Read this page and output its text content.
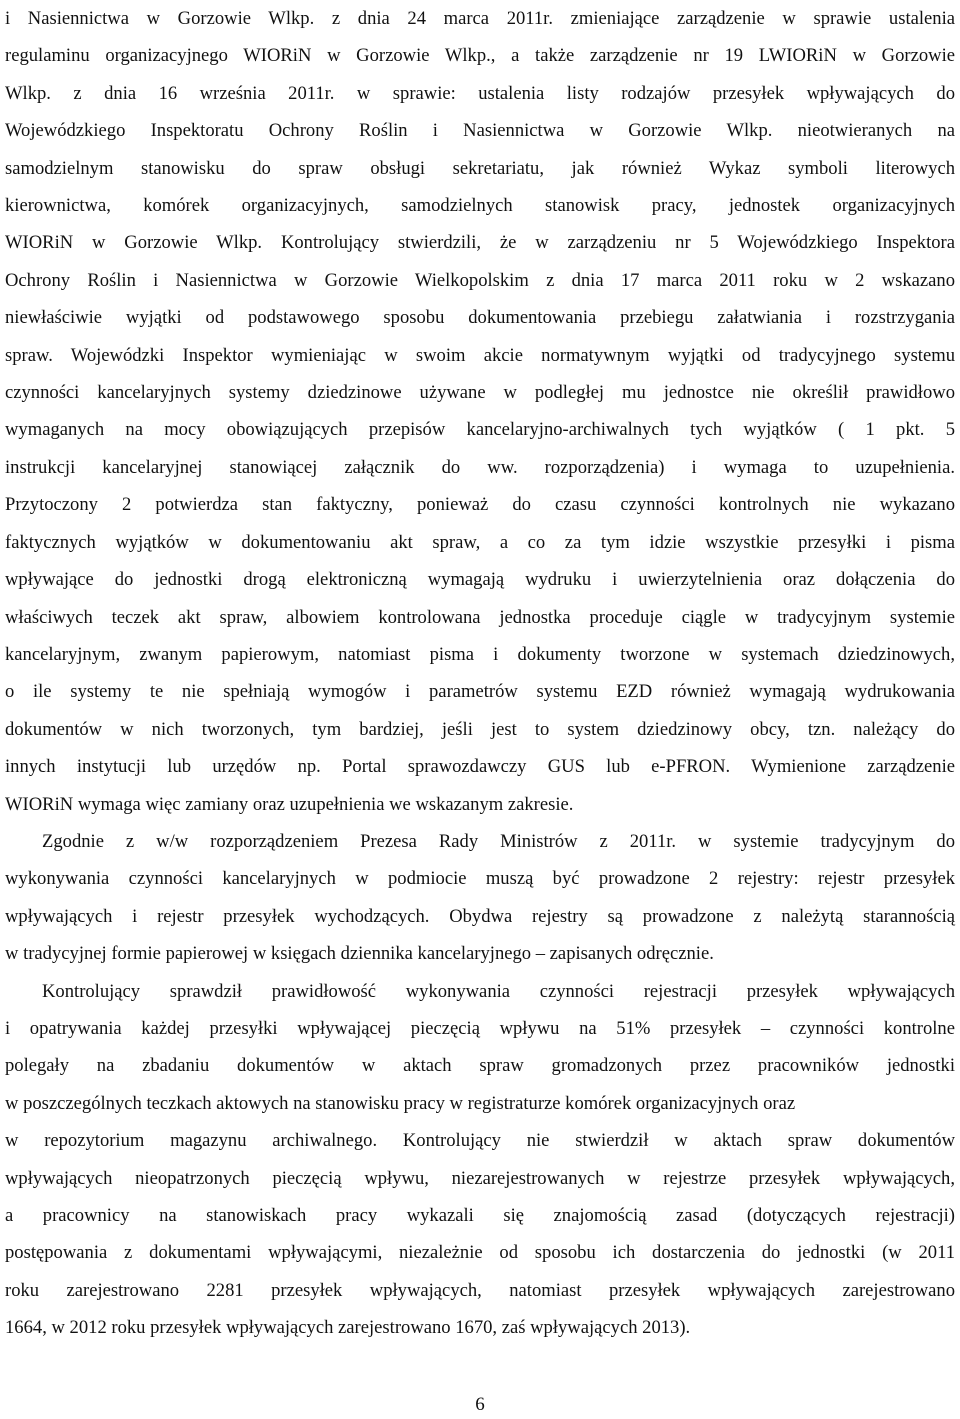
i Nasiennictwa w Gorzowie Wlkp. z dnia 24 marca 2011r. zmieniające zarządzenie w sprawie ustalenia
regulaminu organizacyjnego WIORiN w Gorzowie Wlkp., a także zarządzenie nr 19 LWIORiN w Gorzowie
Wlkp. z dnia 16 września 2011r. w sprawie: ustalenia listy rodzajów przesyłek wpływających do
Wojewódzkiego Inspektoratu Ochrony Roślin i Nasiennictwa w Gorzowie Wlkp. nieotwieranych na
samodzielnym stanowisku do spraw obsługi sekretariatu, jak również Wykaz symboli literowych
kierownictwa, komórek organizacyjnych, samodzielnych stanowisk pracy, jednostek organizacyjnych
WIORiN w Gorzowie Wlkp. Kontrolujący stwierdzili, że w zarządzeniu nr 5 Wojewódzkiego Inspektora
Ochrony Roślin i Nasiennictwa w Gorzowie Wielkopolskim z dnia 17 marca 2011 roku w 2 wskazano
niewłaściwie wyjątki od podstawowego sposobu dokumentowania przebiegu załatwiania i rozstrzygania
spraw. Wojewódzki Inspektor wymieniając w swoim akcie normatywnym wyjątki od tradycyjnego systemu
czynności kancelaryjnych systemy dziedzinowe używane w podległej mu jednostce nie określił prawidłowo
wymaganych na mocy obowiązujących przepisów kancelaryjno-archiwalnych tych wyjątków ( 1 pkt. 5
instrukcji kancelaryjnej stanowiącej załącznik do ww. rozporządzenia) i wymaga to uzupełnienia.
Przytoczony 2 potwierdza stan faktyczny, ponieważ do czasu czynności kontrolnych nie wykazano
faktycznych wyjątków w dokumentowaniu akt spraw, a co za tym idzie wszystkie przesyłki i pisma
wpływające do jednostki drogą elektroniczną wymagają wydruku i uwierzytelnienia oraz dołączenia do
właściwych teczek akt spraw, albowiem kontrolowana jednostka proceduje ciągle w tradycyjnym systemie
kancelaryjnym, zwanym papierowym, natomiast pisma i dokumenty tworzone w systemach dziedzinowych,
o ile systemy te nie spełniają wymogów i parametrów systemu EZD również wymagają wydrukowania
dokumentów w nich tworzonych, tym bardziej, jeśli jest to system dziedzinowy obcy, tzn. należący do
innych instytucji lub urzędów np. Portal sprawozdawczy GUS lub e-PFRON. Wymienione zarządzenie
WIORiN wymaga więc zamiany oraz uzupełnienia we wskazanym zakresie.
Zgodnie z w/w rozporządzeniem Prezesa Rady Ministrów z 2011r. w systemie tradycyjnym do
wykonywania czynności kancelaryjnych w podmiocie muszą być prowadzone 2 rejestry: rejestr przesyłek
wpływających i rejestr przesyłek wychodzących. Obydwa rejestry są prowadzone z należytą starannością
w tradycyjnej formie papierowej w księgach dziennika kancelaryjnego – zapisanych odręcznie.
Kontrolujący sprawdził prawidłowość wykonywania czynności rejestracji przesyłek wpływających
i opatrywania każdej przesyłki wpływającej pieczęcią wpływu na 51% przesyłek – czynności kontrolne
polegały na zbadaniu dokumentów w aktach spraw gromadzonych przez pracowników jednostki
w poszczególnych teczkach aktowych na stanowisku pracy w registraturze komórek organizacyjnych oraz
w repozytorium magazynu archiwalnego. Kontrolujący nie stwierdził w aktach spraw dokumentów
wpływających nieopatrzonych pieczęcią wpływu, niezarejestrowanych w rejestrze przesyłek wpływających,
a pracownicy na stanowiskach pracy wykazali się znajomością zasad (dotyczących rejestracji)
postępowania z dokumentami wpływającymi, niezależnie od sposobu ich dostarczenia do jednostki (w 2011
roku zarejestrowano 2281 przesyłek wpływających, natomiast przesyłek wpływających zarejestrowano
1664, w 2012 roku przesyłek wpływających zarejestrowano 1670, zaś wpływających 2013).
6
